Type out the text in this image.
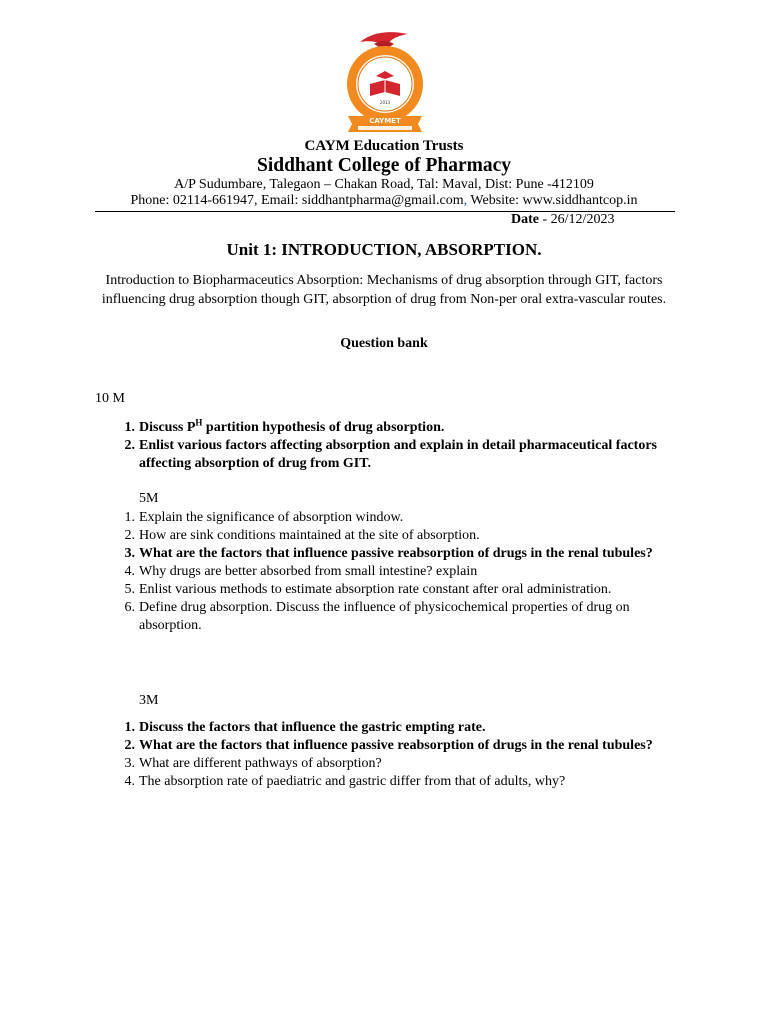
2013
CAYMET
CAYM Education Trusts
Siddhant College of Pharmacy
A/P Sudumbare, Talegaon – Chakan Road, Tal: Maval, Dist: Pune -412109
Phone: 02114-661947, Email: siddhantpharma@gmail.com, Website: www.siddhantcop.in
Date - 26/12/2023
Unit 1: INTRODUCTION, ABSORPTION.
Introduction to Biopharmaceutics Absorption: Mechanisms of drug absorption through GIT, factors influencing drug absorption though GIT, absorption of drug from Non-per oral extra-vascular routes.
Question bank
10 M
1. Discuss $P^H$ partition hypothesis of drug absorption.
2. Enlist various factors affecting absorption and explain in detail pharmaceutical factors affecting absorption of drug from GIT.
5M
1. Explain the significance of absorption window.
2. How are sink conditions maintained at the site of absorption.
3. What are the factors that influence passive reabsorption of drugs in the renal tubules?
4. Why drugs are better absorbed from small intestine? explain
5. Enlist various methods to estimate absorption rate constant after oral administration.
6. Define drug absorption. Discuss the influence of physicochemical properties of drug on absorption.
3M
1. Discuss the factors that influence the gastric empting rate.
2. What are the factors that influence passive reabsorption of drugs in the renal tubules?
3. What are different pathways of absorption?
4. The absorption rate of paediatric and gastric differ from that of adults, why?
